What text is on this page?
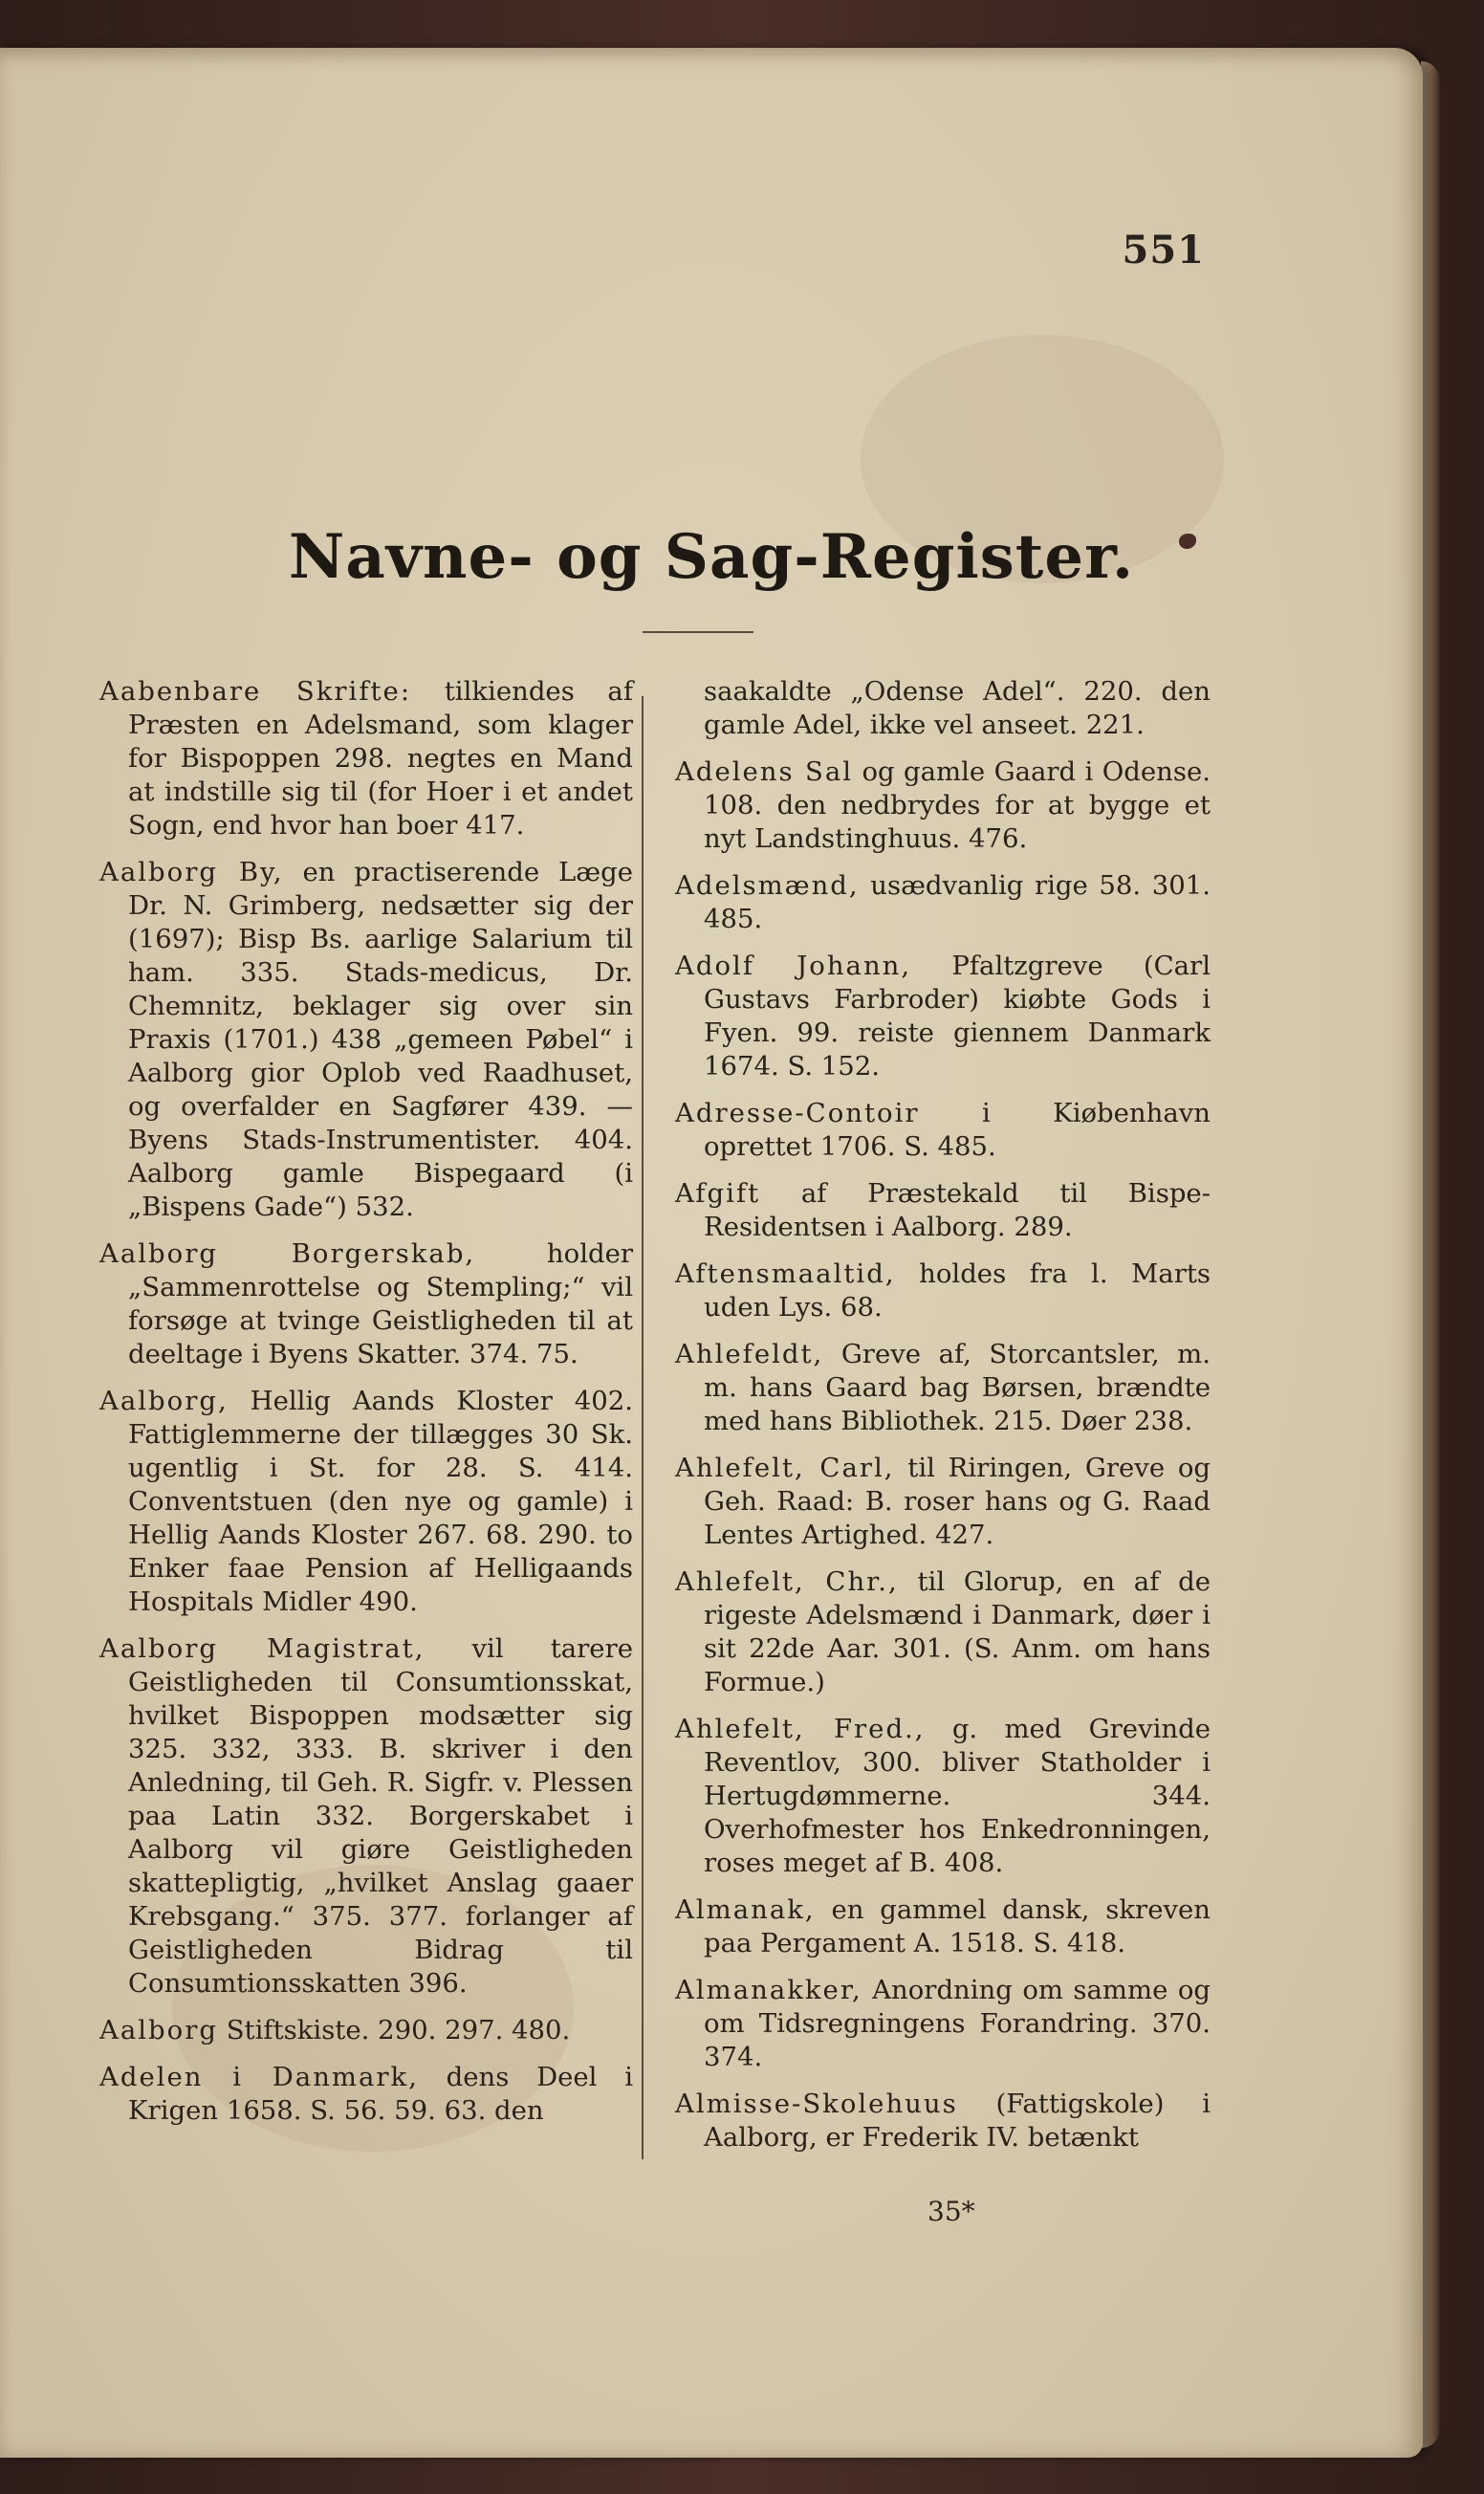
551
Navne- og Sag-Register.

Aabenbare Skrifte: tilkiendes af Præsten en Adelsmand, som klager for Bispoppen 298. negtes en Mand at indstille sig til (for Hoer i et andet Sogn, end hvor han boer 417.

Aalborg By, en practiserende Læge Dr. N. Grimberg, nedsætter sig der (1697); Bisp Bs. aarlige Salarium til ham. 335. Stads-medicus, Dr. Chemnitz, beklager sig over sin Praxis (1701.) 438 „gemeen Pøbel“ i Aalborg gior Oplob ved Raadhuset, og overfalder en Sagfører 439. — Byens Stads-Instrumentister. 404. Aalborg gamle Bispegaard (i „Bispens Gade“) 532.

Aalborg Borgerskab, holder „Sammenrottelse og Stempling;“ vil forsøge at tvinge Geistligheden til at deeltage i Byens Skatter. 374. 75.

Aalborg, Hellig Aands Kloster 402. Fattiglemmerne der tillægges 30 Sk. ugentlig i St. for 28. S. 414. Conventstuen (den nye og gamle) i Hellig Aands Kloster 267. 68. 290. to Enker faae Pension af Helligaands Hospitals Midler 490.

Aalborg Magistrat, vil tarere Geistligheden til Consumtionsskat, hvilket Bispoppen modsætter sig 325. 332, 333. B. skriver i den Anledning, til Geh. R. Sigfr. v. Plessen paa Latin 332. Borgerskabet i Aalborg vil giøre Geistligheden skattepligtig, „hvilket Anslag gaaer Krebsgang.“ 375. 377. forlanger af Geistligheden Bidrag til Consumtionsskatten 396.

Aalborg Stiftskiste. 290. 297. 480.

Adelen i Danmark, dens Deel i Krigen 1658. S. 56. 59. 63. den

saakaldte „Odense Adel“. 220. den gamle Adel, ikke vel anseet. 221.

Adelens Sal og gamle Gaard i Odense. 108. den nedbrydes for at bygge et nyt Landstinghuus. 476.

Adelsmænd, usædvanlig rige 58. 301. 485.

Adolf Johann, Pfaltzgreve (Carl Gustavs Farbroder) kiøbte Gods i Fyen. 99. reiste giennem Danmark 1674. S. 152.

Adresse-Contoir i Kiøbenhavn oprettet 1706. S. 485.

Afgift af Præstekald til Bispe-Residentsen i Aalborg. 289.

Aftensmaaltid, holdes fra l. Marts uden Lys. 68.

Ahlefeldt, Greve af, Storcantsler, m. m. hans Gaard bag Børsen, brændte med hans Bibliothek. 215. Døer 238.

Ahlefelt, Carl, til Riringen, Greve og Geh. Raad: B. roser hans og G. Raad Lentes Artighed. 427.

Ahlefelt, Chr., til Glorup, en af de rigeste Adelsmænd i Danmark, døer i sit 22de Aar. 301. (S. Anm. om hans Formue.)

Ahlefelt, Fred., g. med Grevinde Reventlov, 300. bliver Statholder i Hertugdømmerne. 344. Overhofmester hos Enkedronningen, roses meget af B. 408.

Almanak, en gammel dansk, skreven paa Pergament A. 1518. S. 418.

Almanakker, Anordning om samme og om Tidsregningens Forandring. 370. 374.

Almisse-Skolehuus (Fattigskole) i Aalborg, er Frederik IV. betænkt

35*
